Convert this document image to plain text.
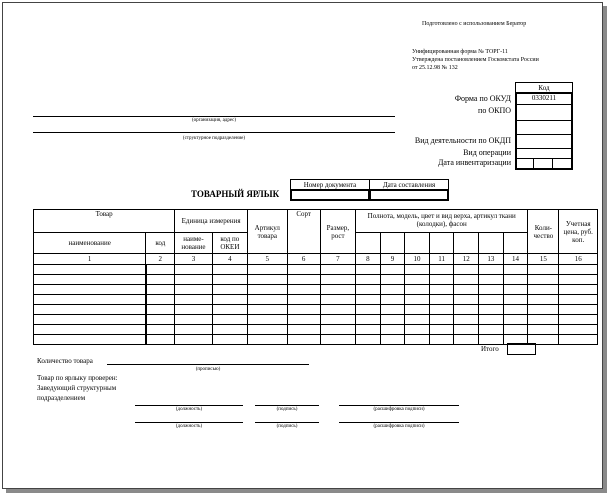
Подготовлено с использованием Бератор
Унифицированная форма № ТОРГ-11
Утверждена постановлением Госкомстата России
от 25.12.98 № 132
Код
0330211
Форма по ОКУД
по ОКПО
Вид деятельности по ОКДП
Вид операции
Дата инвентаризации
(организация, адрес)
(структурное подразделение)
Номер документа	Дата составления
ТОВАРНЫЙ ЯРЛЫК
Товар		Единица измерения		Артикул товара	Сорт	Размер, рост	Полнота, модель, цвет и вид верха, артикул ткани (колодки), фасон							Коли-чество	Учетная цена, руб. коп.
наименование	код	наиме-нование	код по ОКЕИ												
1	2	3	4	5	6	7	8	9	10	11	12	13	14	15	16

Итого
Количество товара
(прописью)
Товар по ярлыку проверен:
Заведующий структурным
подразделением
(должность)	(подпись)	(расшифровка подписи)
(должность)	(подпись)	(расшифровка подписи)
